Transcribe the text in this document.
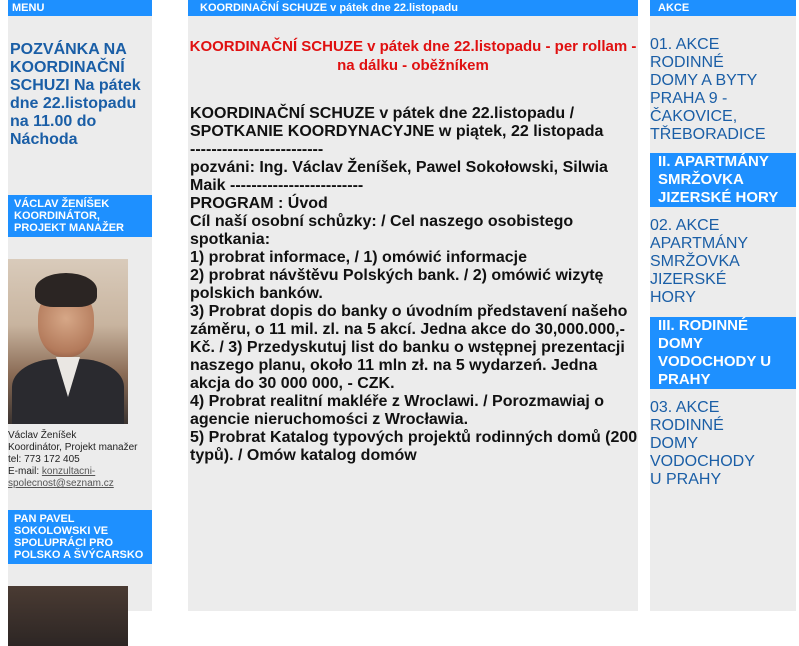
MENU
POZVÁNKA NA KOORDINAČNÍ SCHUZI Na pátek dne 22.listopadu na 11.00 do Náchoda
VÁCLAV ŽENÍŠEK KOORDINÁTOR, PROJEKT MANAŽER
Václav Ženíšek
Koordinátor, Projekt manažer
tel: 773 172 405
E-mail: konzultacni-spolecnost@seznam.cz
PAN PAVEL SOKOLOWSKI VE SPOLUPRÁCI PRO POLSKO A ŠVÝCARSKO
KOORDINAČNÍ SCHUZE v pátek dne 22.listopadu
KOORDINAČNÍ SCHUZE v pátek dne 22.listopadu - per rollam - na dálku - oběžníkem

KOORDINAČNÍ SCHUZE v pátek dne 22.listopadu / SPOTKANIE KOORDYNACYJNE w piątek, 22 listopada

-------------------------

pozváni: Ing. Václav Ženíšek, Pawel Sokołowski, Silwia Maik -------------------------

PROGRAM : Úvod

Cíl naší osobní schůzky: / Cel naszego osobistego spotkania:

1) probrat informace, / 1) omówić informacje

2) probrat návštěvu Polských bank. / 2) omówić wizytę polskich banków.

3) Probrat dopis do banky o úvodním představení našeho záměru, o 11 mil. zl. na 5 akcí. Jedna akce do 30,000.000,- Kč. / 3) Przedyskutuj list do banku o wstępnej prezentacji naszego planu, około 11 mln zł. na 5 wydarzeń. Jedna akcja do 30 000 000, - CZK.

4) Probrat realitní makléře z Wroclawi. / Porozmawiaj o agencie nieruchomości z Wrocławia.

5) Probrat Katalog typových projektů rodinných domů (200 typů). / Omów katalog domów

AKCE
01. AKCE RODINNÉ DOMY A BYTY PRAHA 9 - ČAKOVICE, TŘEBORADICE
II. APARTMÁNY SMRŽOVKA JIZERSKÉ HORY
02. AKCE APARTMÁNY SMRŽOVKA JIZERSKÉ HORY
III. RODINNÉ DOMY VODOCHODY U PRAHY
03. AKCE RODINNÉ DOMY VODOCHODY U PRAHY
